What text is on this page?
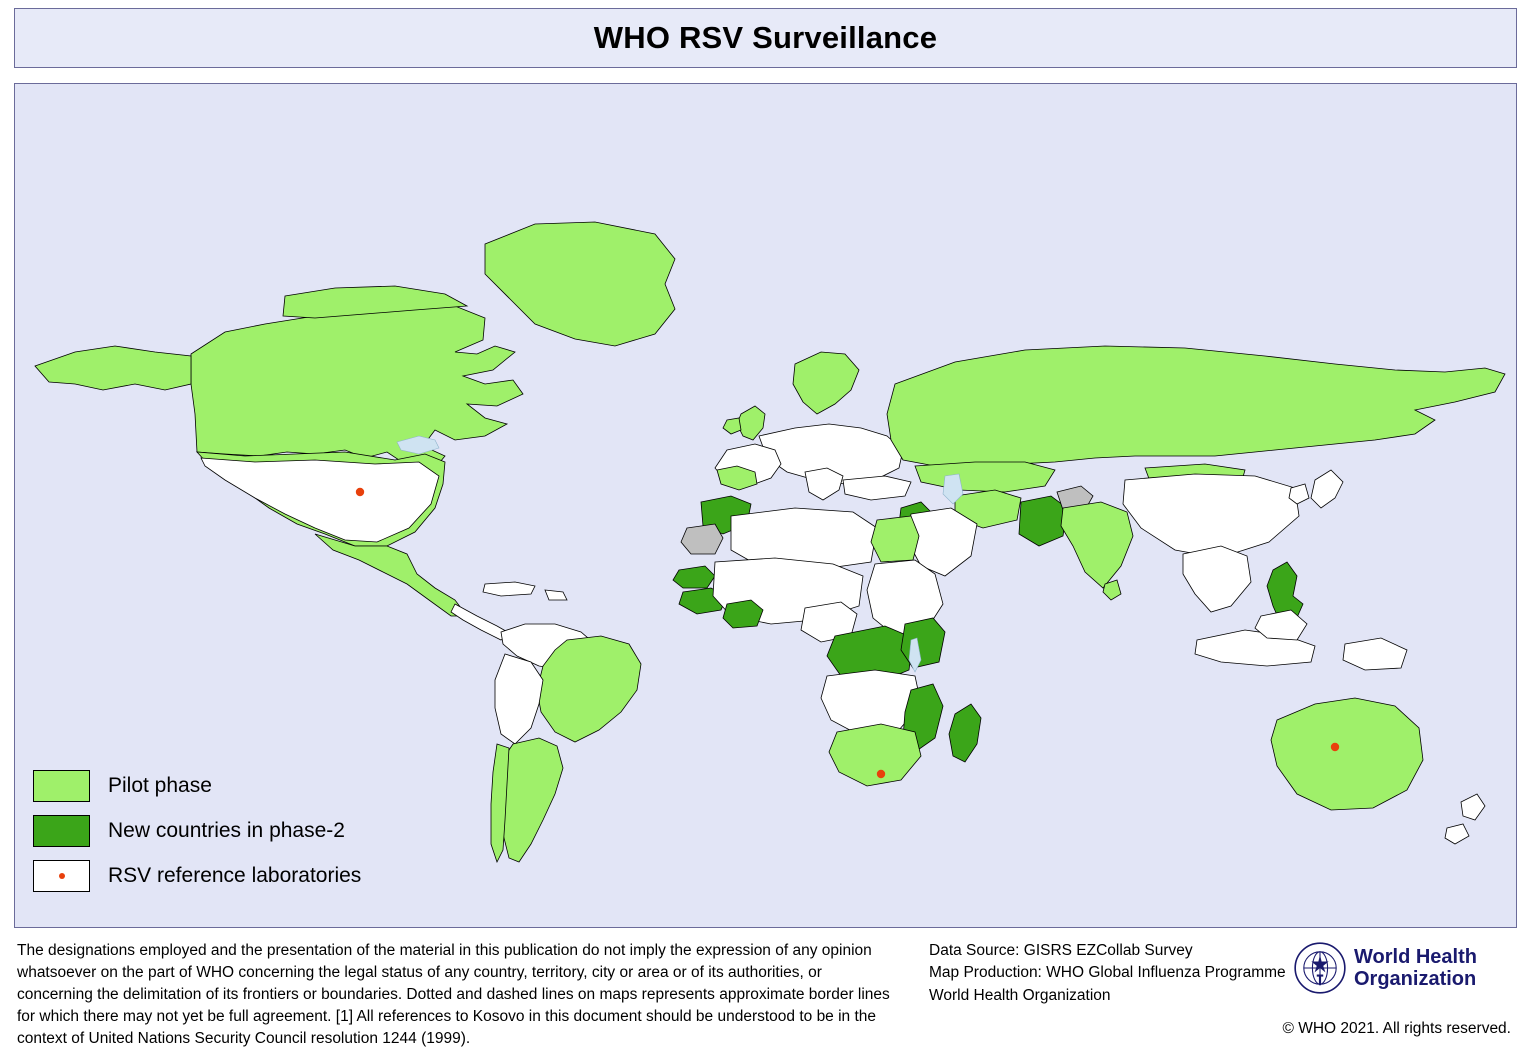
WHO RSV Surveillance
Pilot phase
New countries in phase-2
RSV reference laboratories
The designations employed and the presentation of the material in this publication do not imply the expression of any opinion whatsoever on the part of WHO concerning the legal status of any country, territory, city or area or of its authorities, or concerning the delimitation of its frontiers or boundaries. Dotted and dashed lines on maps represents approximate border lines for which there may not yet be full agreement. [1] All references to Kosovo in this document should be understood to be in the context of United Nations Security Council resolution 1244 (1999).
Data Source: GISRS EZCollab Survey
Map Production: WHO Global Influenza Programme
World Health Organization
World Health
Organization
© WHO 2021. All rights reserved.
